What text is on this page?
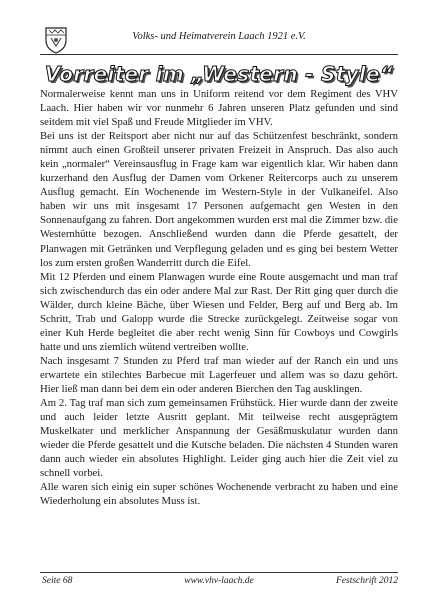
Volks- und Heimatverein Laach 1921 e.V.
Vorreiter im „Western - Style“

Normalerweise kennt man uns in Uniform reitend vor dem Regiment des VHV Laach. Hier haben wir vor nunmehr 6 Jahren unseren Platz gefunden und sind seitdem mit viel Spaß und Freude Mitglieder im VHV.

Bei uns ist der Reitsport aber nicht nur auf das Schützenfest beschränkt, sondern nimmt auch einen Großteil unserer privaten Freizeit in Anspruch. Das also auch kein „normaler“ Vereinsausflug in Frage kam war eigentlich klar. Wir haben dann kurzerhand den Ausflug der Damen vom Orkener Reitercorps auch zu unserem Ausflug gemacht. Ein Wochenende im Western-Style in der Vulkaneifel. Also haben wir uns mit insgesamt 17 Personen aufgemacht gen Westen in den Sonnenaufgang zu fahren. Dort angekommen wurden erst mal die Zimmer bzw. die Westernhütte bezogen. Anschließend wurden dann die Pferde gesattelt, der Planwagen mit Getränken und Verpflegung geladen und es ging bei bestem Wetter los zum ersten großen Wanderritt durch die Eifel.

Mit 12 Pferden und einem Planwagen wurde eine Route ausgemacht und man traf sich zwischendurch das ein oder andere Mal zur Rast. Der Ritt ging quer durch die Wälder, durch kleine Bäche, über Wiesen und Felder, Berg auf und Berg ab. Im Schritt, Trab und Galopp wurde die Strecke zurückgelegt. Zeitweise sogar von einer Kuh Herde begleitet die aber recht wenig Sinn für Cowboys und Cowgirls hatte und uns ziemlich wütend vertreiben wollte.

Nach insgesamt 7 Stunden zu Pferd traf man wieder auf der Ranch ein und uns erwartete ein stilechtes Barbecue mit Lagerfeuer und allem was so dazu gehört. Hier ließ man dann bei dem ein oder anderen Bierchen den Tag ausklingen.

Am 2. Tag traf man sich zum gemeinsamen Frühstück. Hier wurde dann der zweite und auch leider letzte Ausritt geplant. Mit teilweise recht ausgeprägtem Muskelkater und merklicher Anspannung der Gesäßmuskulatur wurden dann wieder die Pferde gesattelt und die Kutsche beladen. Die nächsten 4 Stunden waren dann auch wieder ein absolutes Highlight. Leider ging auch hier die Zeit viel zu schnell vorbei.

Alle waren sich einig ein super schönes Wochenende verbracht zu haben und eine Wiederholung ein absolutes Muss ist.

Seite 68	www.vhv-laach.de	Festschrift 2012
